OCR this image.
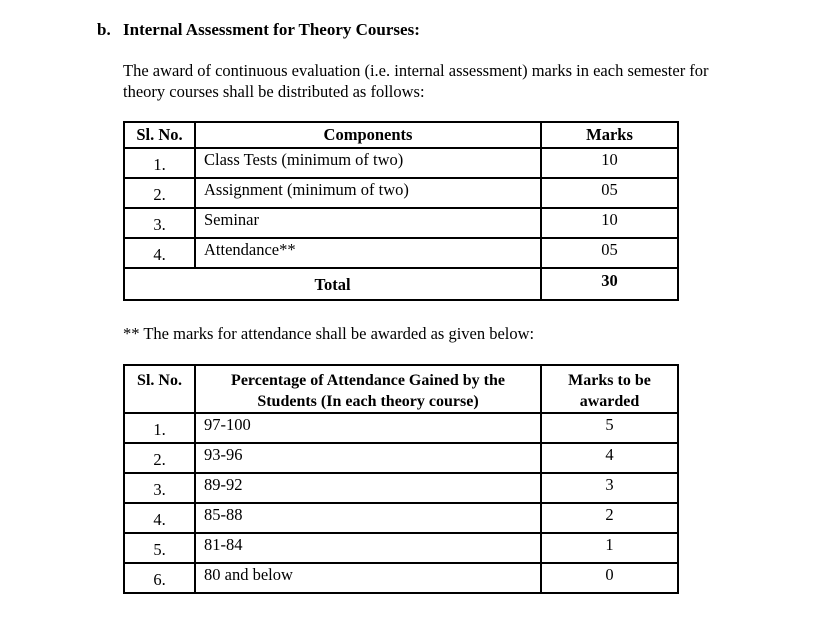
b. Internal Assessment for Theory Courses:
The award of continuous evaluation (i.e. internal assessment) marks in each semester for
theory courses shall be distributed as follows:
Sl. No.	Components	Marks
1.	Class Tests (minimum of two)	10
2.	Assignment (minimum of two)	05
3.	Seminar	10
4.	Attendance**	05
Total		30
** The marks for attendance shall be awarded as given below:
Sl. No.	Percentage of Attendance Gained by the Students (In each theory course)	Marks to be awarded
1.	97-100	5
2.	93-96	4
3.	89-92	3
4.	85-88	2
5.	81-84	1
6.	80 and below	0
